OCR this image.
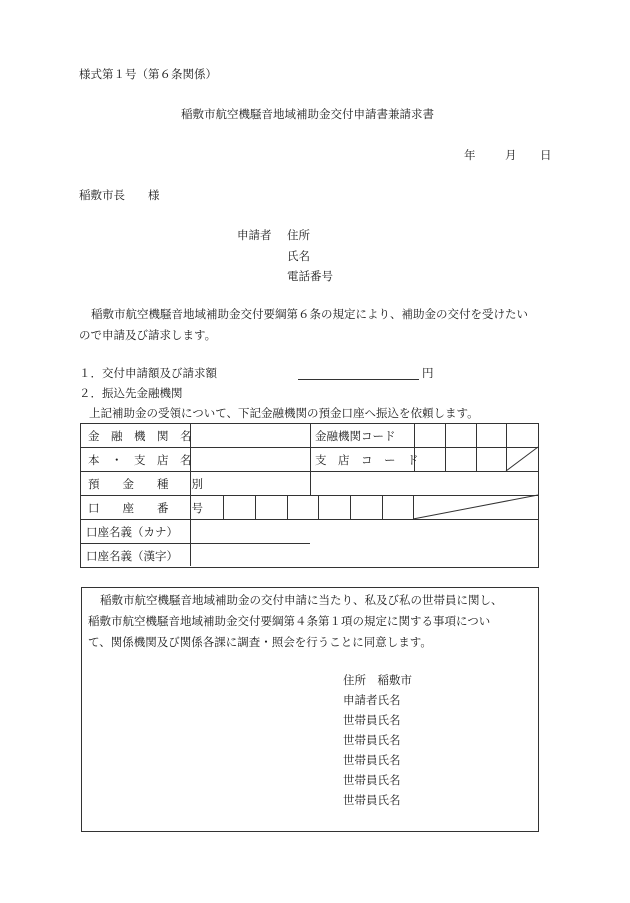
様式第１号（第６条関係）
稲敷市航空機騒音地域補助金交付申請書兼請求書
年	月 日
稲敷市長　　様
申請者 住所
氏名
電話番号
稲敷市航空機騒音地域補助金交付要綱第６条の規定により、補助金の交付を受けたい
ので申請及び請求します。
１．交付申請額及び請求額	円
２．振込先金融機関
上記補助金の受領について、下記金融機関の預金口座へ振込を依頼します。
金　融　機　関　名	金融機関コード
本　・　支　店　名	支　店　コ　ー　ド
預　　金　　種　　別
口　　座　　番　　号
口座名義（カナ）
口座名義（漢字）
稲敷市航空機騒音地域補助金の交付申請に当たり、私及び私の世帯員に関し、
稲敷市航空機騒音地域補助金交付要綱第４条第１項の規定に関する事項につい
て、関係機関及び関係各課に調査・照会を行うことに同意します。
住所　稲敷市
申請者氏名
世帯員氏名
世帯員氏名
世帯員氏名
世帯員氏名
世帯員氏名
